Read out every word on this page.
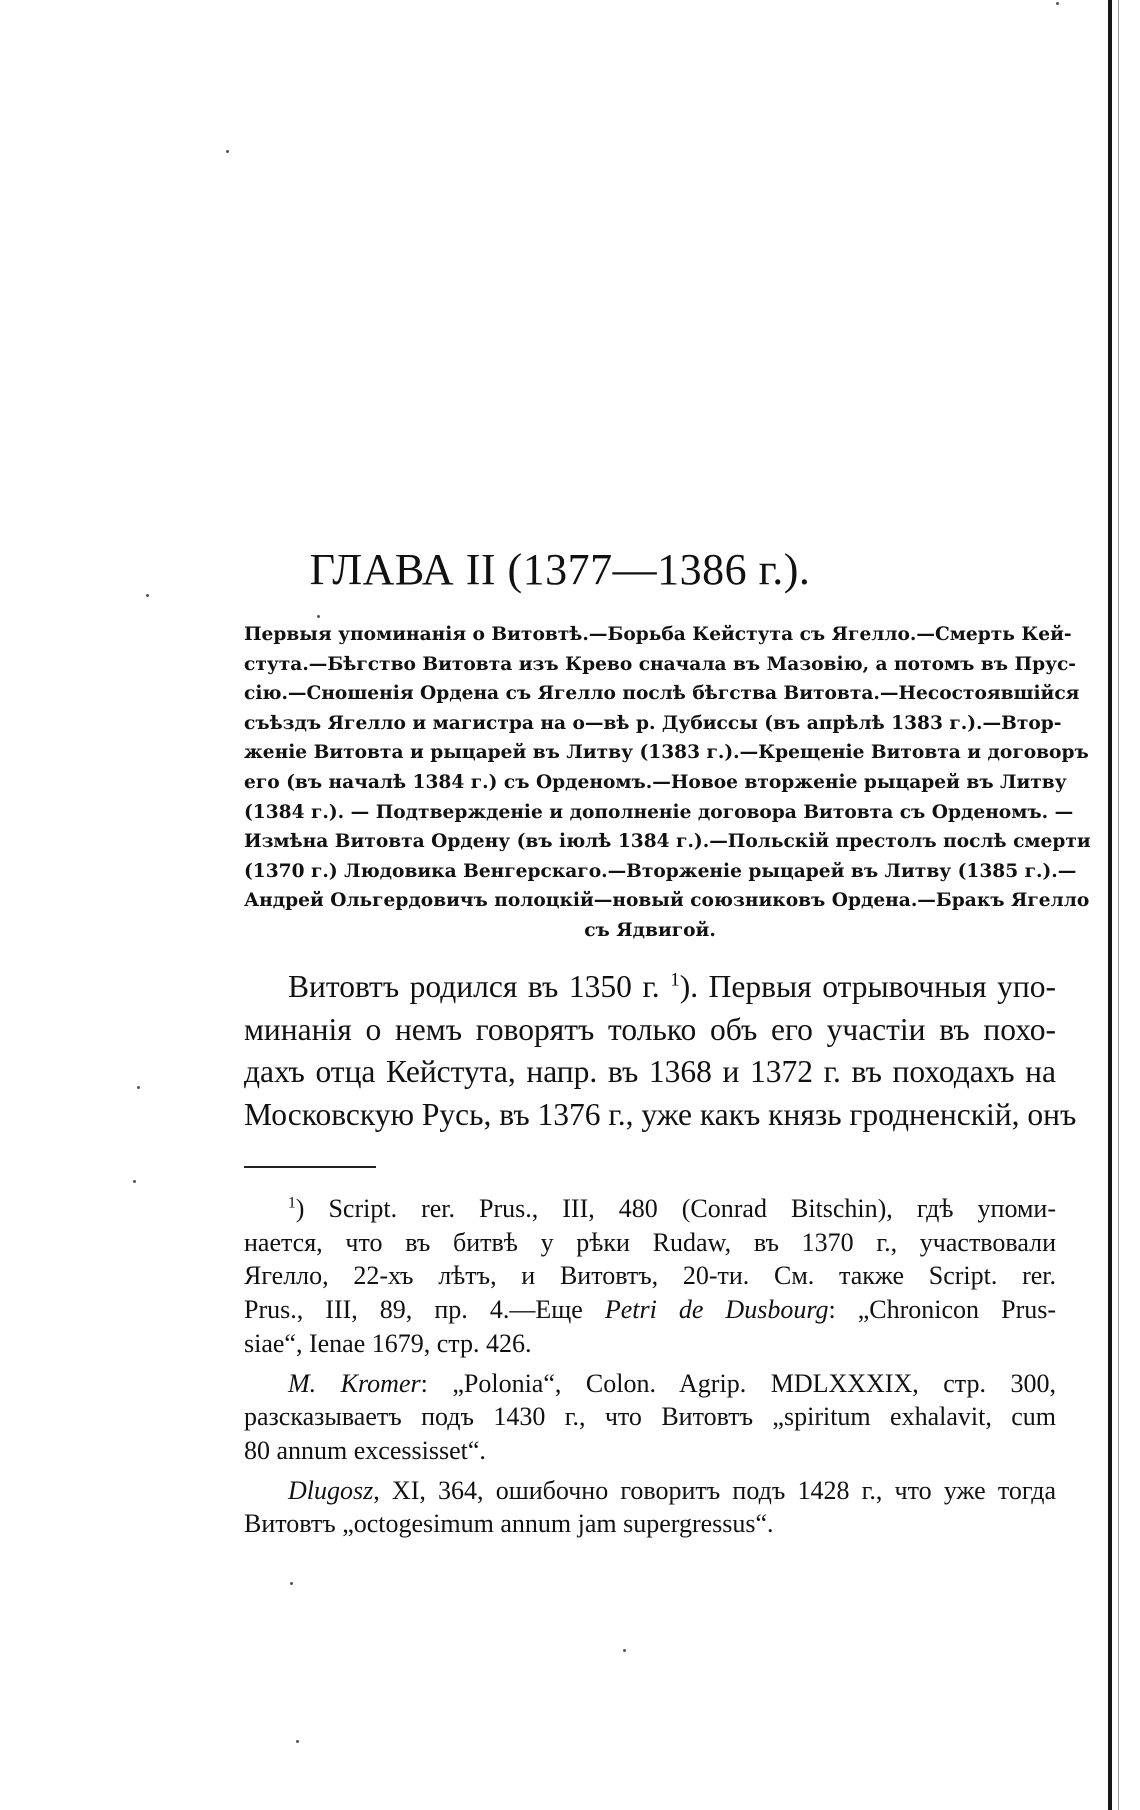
ГЛАВА II (1377—1386 г.).
Первыя упоминанія о Витовтѣ.—Борьба Кейстута съ Ягелло.—Смерть Кей-
стута.—Бѣгство Витовта изъ Крево сначала въ Мазовію, а потомъ въ Прус-
сію.—Сношенія Ордена съ Ягелло послѣ бѣгства Витовта.—Несостоявшійся
съѣздъ Ягелло и магистра на о—вѣ р. Дубиссы (въ апрѣлѣ 1383 г.).—Втор-
женіе Витовта и рыцарей въ Литву (1383 г.).—Крещеніе Витовта и договоръ
его (въ началѣ 1384 г.) съ Орденомъ.—Новое вторженіе рыцарей въ Литву
(1384 г.). — Подтвержденіе и дополненіе договора Витовта съ Орденомъ. —
Измѣна Витовта Ордену (въ іюлѣ 1384 г.).—Польскій престолъ послѣ смерти
(1370 г.) Людовика Венгерскаго.—Вторженіе рыцарей въ Литву (1385 г.).—
Андрей Ольгердовичъ полоцкій—новый союзниковъ Ордена.—Бракъ Ягелло
съ Ядвигой.
Витовтъ родился въ 1350 г. $^1$). Первыя отрывочныя упо-
минанія о немъ говорятъ только объ его участіи въ похо-
дахъ отца Кейстута, напр. въ 1368 и 1372 г. въ походахъ на
Московскую Русь, въ 1376 г., уже какъ князь гродненскій, онъ
$^1$) Script. rer. Prus., III, 480 (Conrad Bitschin), гдѣ упоми-
нается, что въ битвѣ у рѣки Rudaw, въ 1370 г., участвовали
Ягелло, 22-хъ лѣтъ, и Витовтъ, 20-ти. См. также Script. rer.
Prus., III, 89, пр. 4.—Еще Petri de Dusbourg: „Chronicon Prus-
siae“, Ienae 1679, стр. 426.
M. Kromer: „Polonia“, Colon. Agrip. MDLXXXIX, стр. 300,
разсказываетъ подъ 1430 г., что Витовтъ „spiritum exhalavit, cum
80 annum excessisset“.
Dlugosz, XI, 364, ошибочно говоритъ подъ 1428 г., что уже тогда
Витовтъ „octogesimum annum jam supergressus“.
